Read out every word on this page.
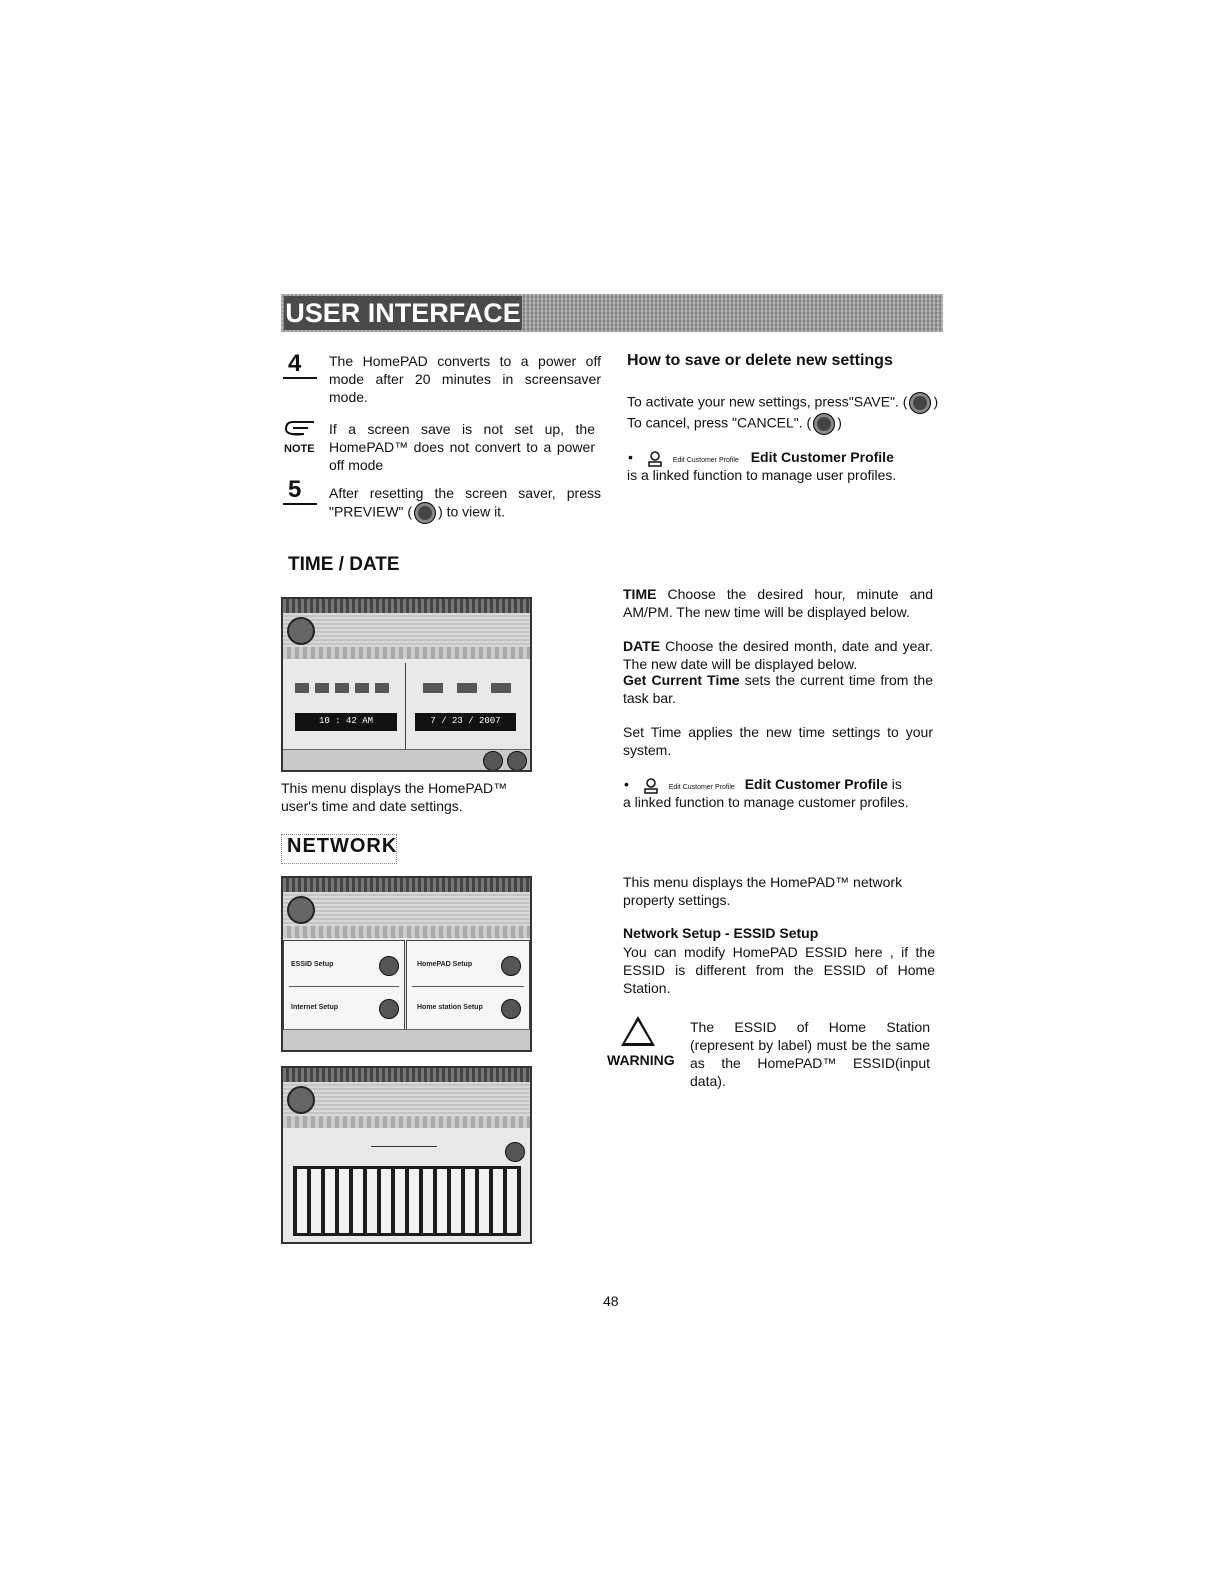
USER INTERFACE
4 The HomePAD converts to a power off mode after 20 minutes in screensaver mode.

NOTE

If a screen save is not set up, the HomePAD™ does not convert to a power off mode

5 After resetting the screen saver, press "PREVIEW" ( ) to view it.

How to save or delete new settings

To activate your new settings, press"SAVE". ( )

To cancel, press "CANCEL". ( )

•	Edit Customer Profile Edit Customer Profile

is a linked function to manage user profiles.

TIME / DATE
10 : 42 AM	7 / 23 / 2007

This menu displays the HomePAD™ user's time and date settings.

TIME Choose the desired hour, minute and AM/PM. The new time will be displayed below.

DATE Choose the desired month, date and year. The new date will be displayed below.

Get Current Time sets the current time from the task bar.

Set Time applies the new time settings to your system.

•	Edit Customer Profile Edit Customer Profile is

a linked function to manage customer profiles.

NETWORK
ESSID Setup	HomePAD Setup
Internet Setup	Home station Setup

This menu displays the HomePAD™ network property settings.

Network Setup - ESSID Setup

You can modify HomePAD ESSID here , if the ESSID is different from the ESSID of Home Station.

!
WARNING

The ESSID of Home Station (represent by label) must be the same as the HomePAD™ ESSID(input data).

48
